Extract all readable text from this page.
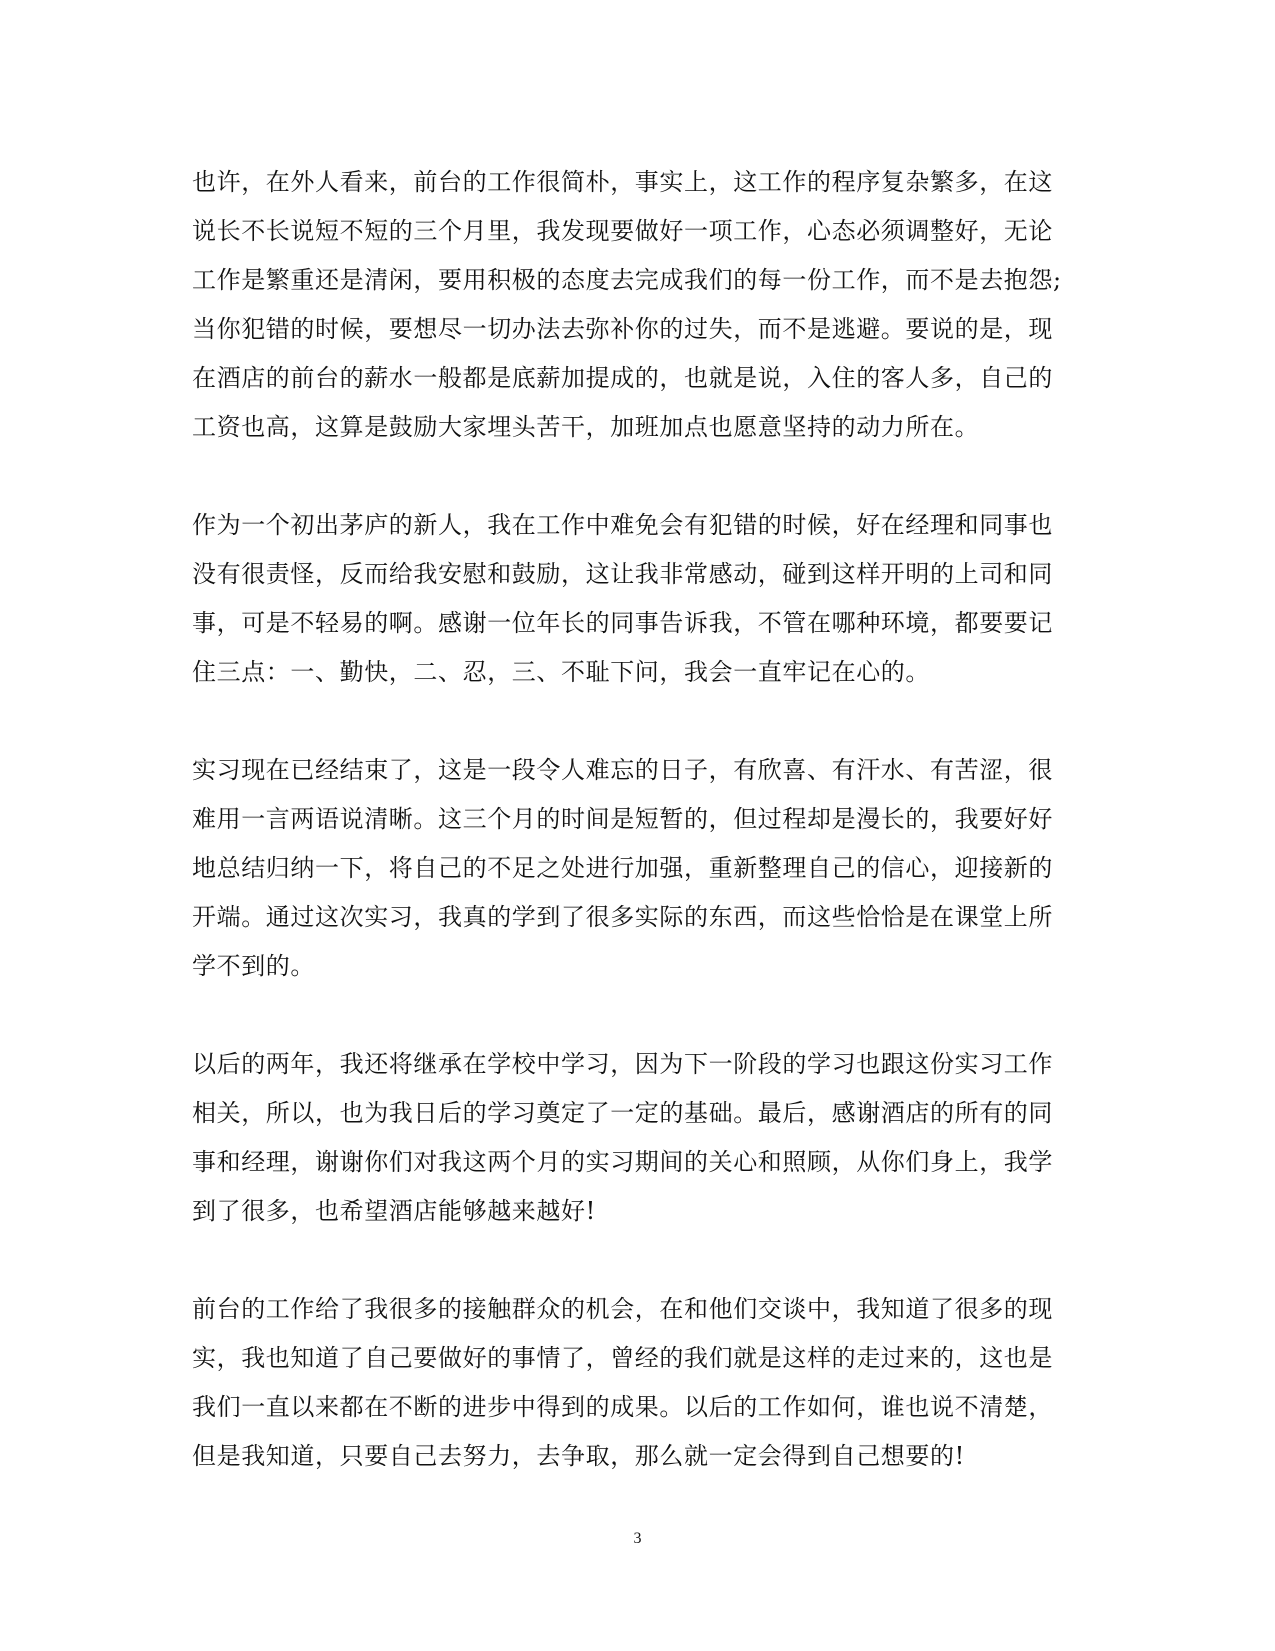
也许，在外人看来，前台的工作很简朴，事实上，这工作的程序复杂繁多，在这
说长不长说短不短的三个月里，我发现要做好一项工作，心态必须调整好，无论
工作是繁重还是清闲，要用积极的态度去完成我们的每一份工作，而不是去抱怨;
当你犯错的时候，要想尽一切办法去弥补你的过失，而不是逃避。要说的是，现
在酒店的前台的薪水一般都是底薪加提成的，也就是说，入住的客人多，自己的
工资也高，这算是鼓励大家埋头苦干，加班加点也愿意坚持的动力所在。

作为一个初出茅庐的新人，我在工作中难免会有犯错的时候，好在经理和同事也
没有很责怪，反而给我安慰和鼓励，这让我非常感动，碰到这样开明的上司和同
事，可是不轻易的啊。感谢一位年长的同事告诉我，不管在哪种环境，都要要记
住三点：一、勤快，二、忍，三、不耻下问，我会一直牢记在心的。

实习现在已经结束了，这是一段令人难忘的日子，有欣喜、有汗水、有苦涩，很
难用一言两语说清晰。这三个月的时间是短暂的，但过程却是漫长的，我要好好
地总结归纳一下，将自己的不足之处进行加强，重新整理自己的信心，迎接新的
开端。通过这次实习，我真的学到了很多实际的东西，而这些恰恰是在课堂上所
学不到的。

以后的两年，我还将继承在学校中学习，因为下一阶段的学习也跟这份实习工作
相关，所以，也为我日后的学习奠定了一定的基础。最后，感谢酒店的所有的同
事和经理，谢谢你们对我这两个月的实习期间的关心和照顾，从你们身上，我学
到了很多，也希望酒店能够越来越好!

前台的工作给了我很多的接触群众的机会，在和他们交谈中，我知道了很多的现
实，我也知道了自己要做好的事情了，曾经的我们就是这样的走过来的，这也是
我们一直以来都在不断的进步中得到的成果。以后的工作如何，谁也说不清楚，
但是我知道，只要自己去努力，去争取，那么就一定会得到自己想要的!

3
